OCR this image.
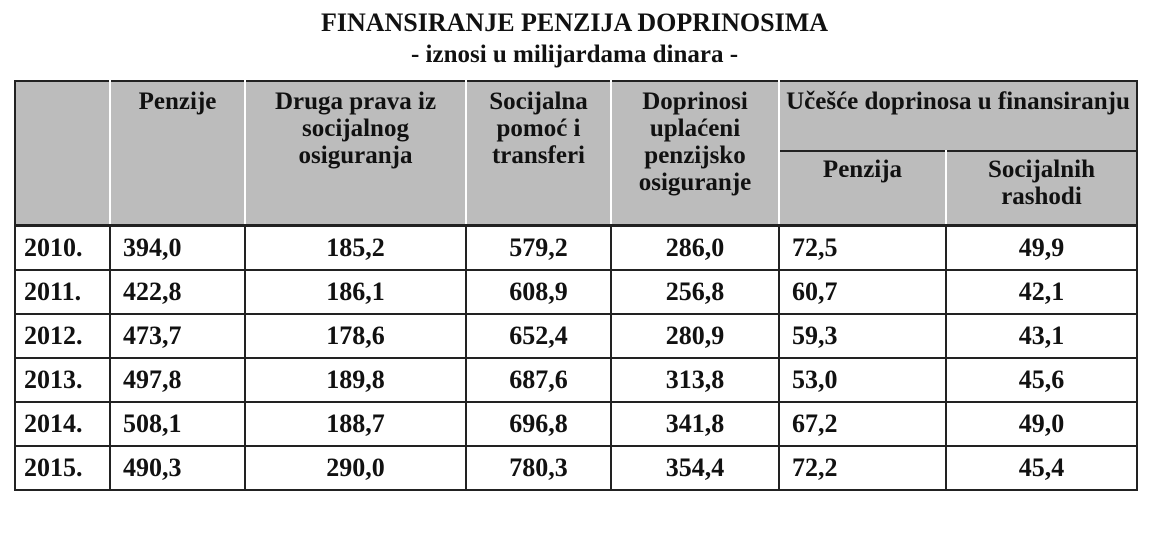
FINANSIRANJE PENZIJA DOPRINOSIMA
- iznosi u milijardama dinara -
	Penzije	Druga prava iz socijalnog osiguranja	Socijalna pomoć i transferi	Doprinosi uplaćeni penzijsko osiguranje	Učešće doprinosa u finansiranju	
					Penzija	Socijalnih rashodi
2010.	394,0	185,2	579,2	286,0	72,5	49,9
2011.	422,8	186,1	608,9	256,8	60,7	42,1
2012.	473,7	178,6	652,4	280,9	59,3	43,1
2013.	497,8	189,8	687,6	313,8	53,0	45,6
2014.	508,1	188,7	696,8	341,8	67,2	49,0
2015.	490,3	290,0	780,3	354,4	72,2	45,4
